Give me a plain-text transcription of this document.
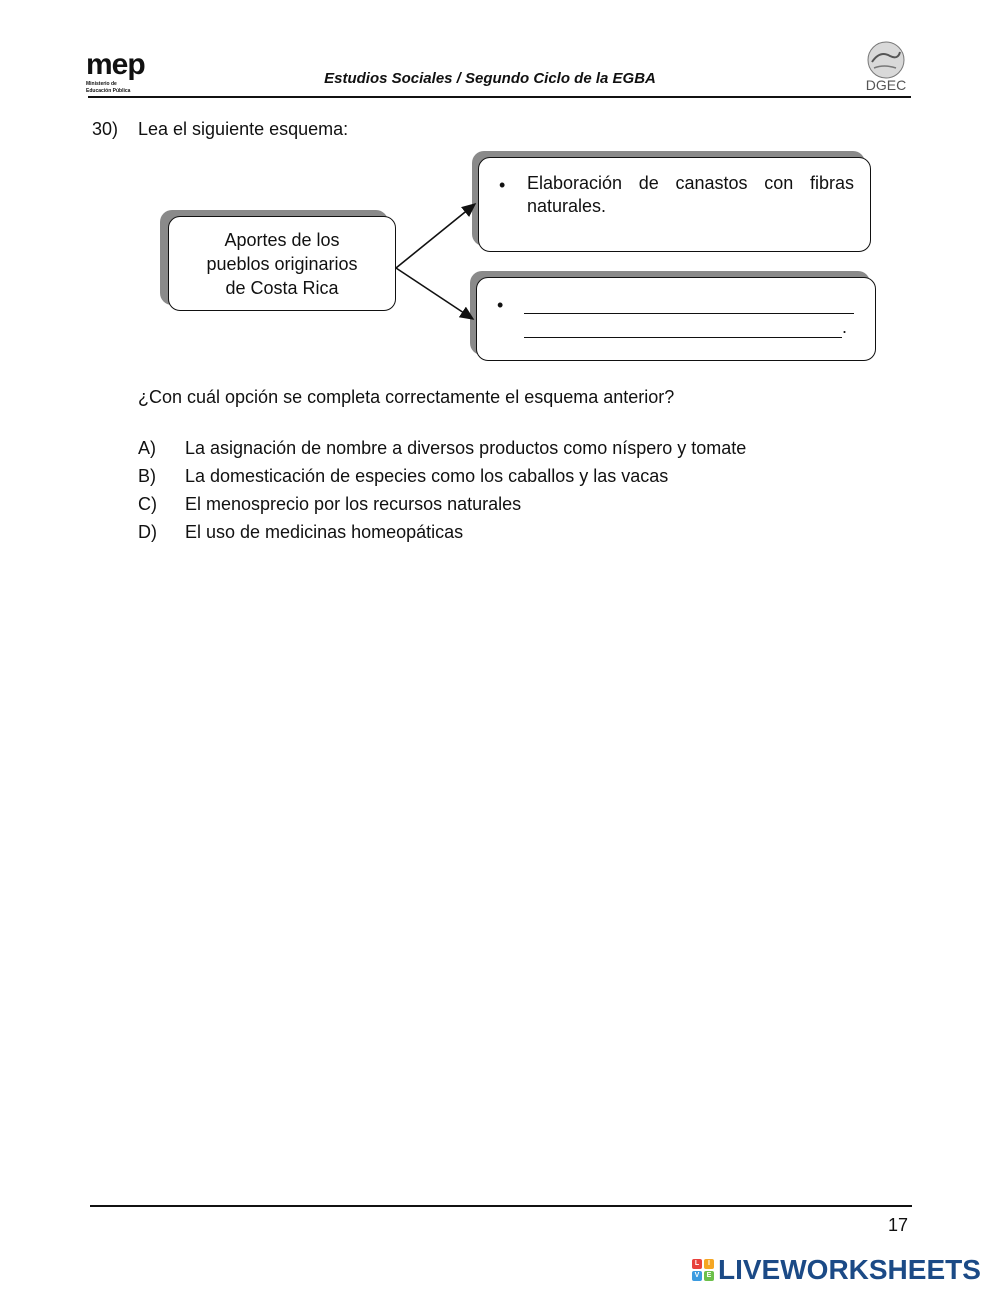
mep
Ministerio de
Educación Pública
Estudios Sociales / Segundo Ciclo de la EGBA	DGEC
30) Lea el siguiente esquema:
Aportes de los
pueblos originarios
de Costa Rica
• Elaboración de canastos con fibras naturales.
•
.
¿Con cuál opción se completa correctamente el esquema anterior?
A) La asignación de nombre a diversos productos como níspero y tomate
B) La domesticación de especies como los caballos y las vacas
C) El menosprecio por los recursos naturales
D) El uso de medicinas homeopáticas
17
L	I
V	E LIVEWORKSHEETS
